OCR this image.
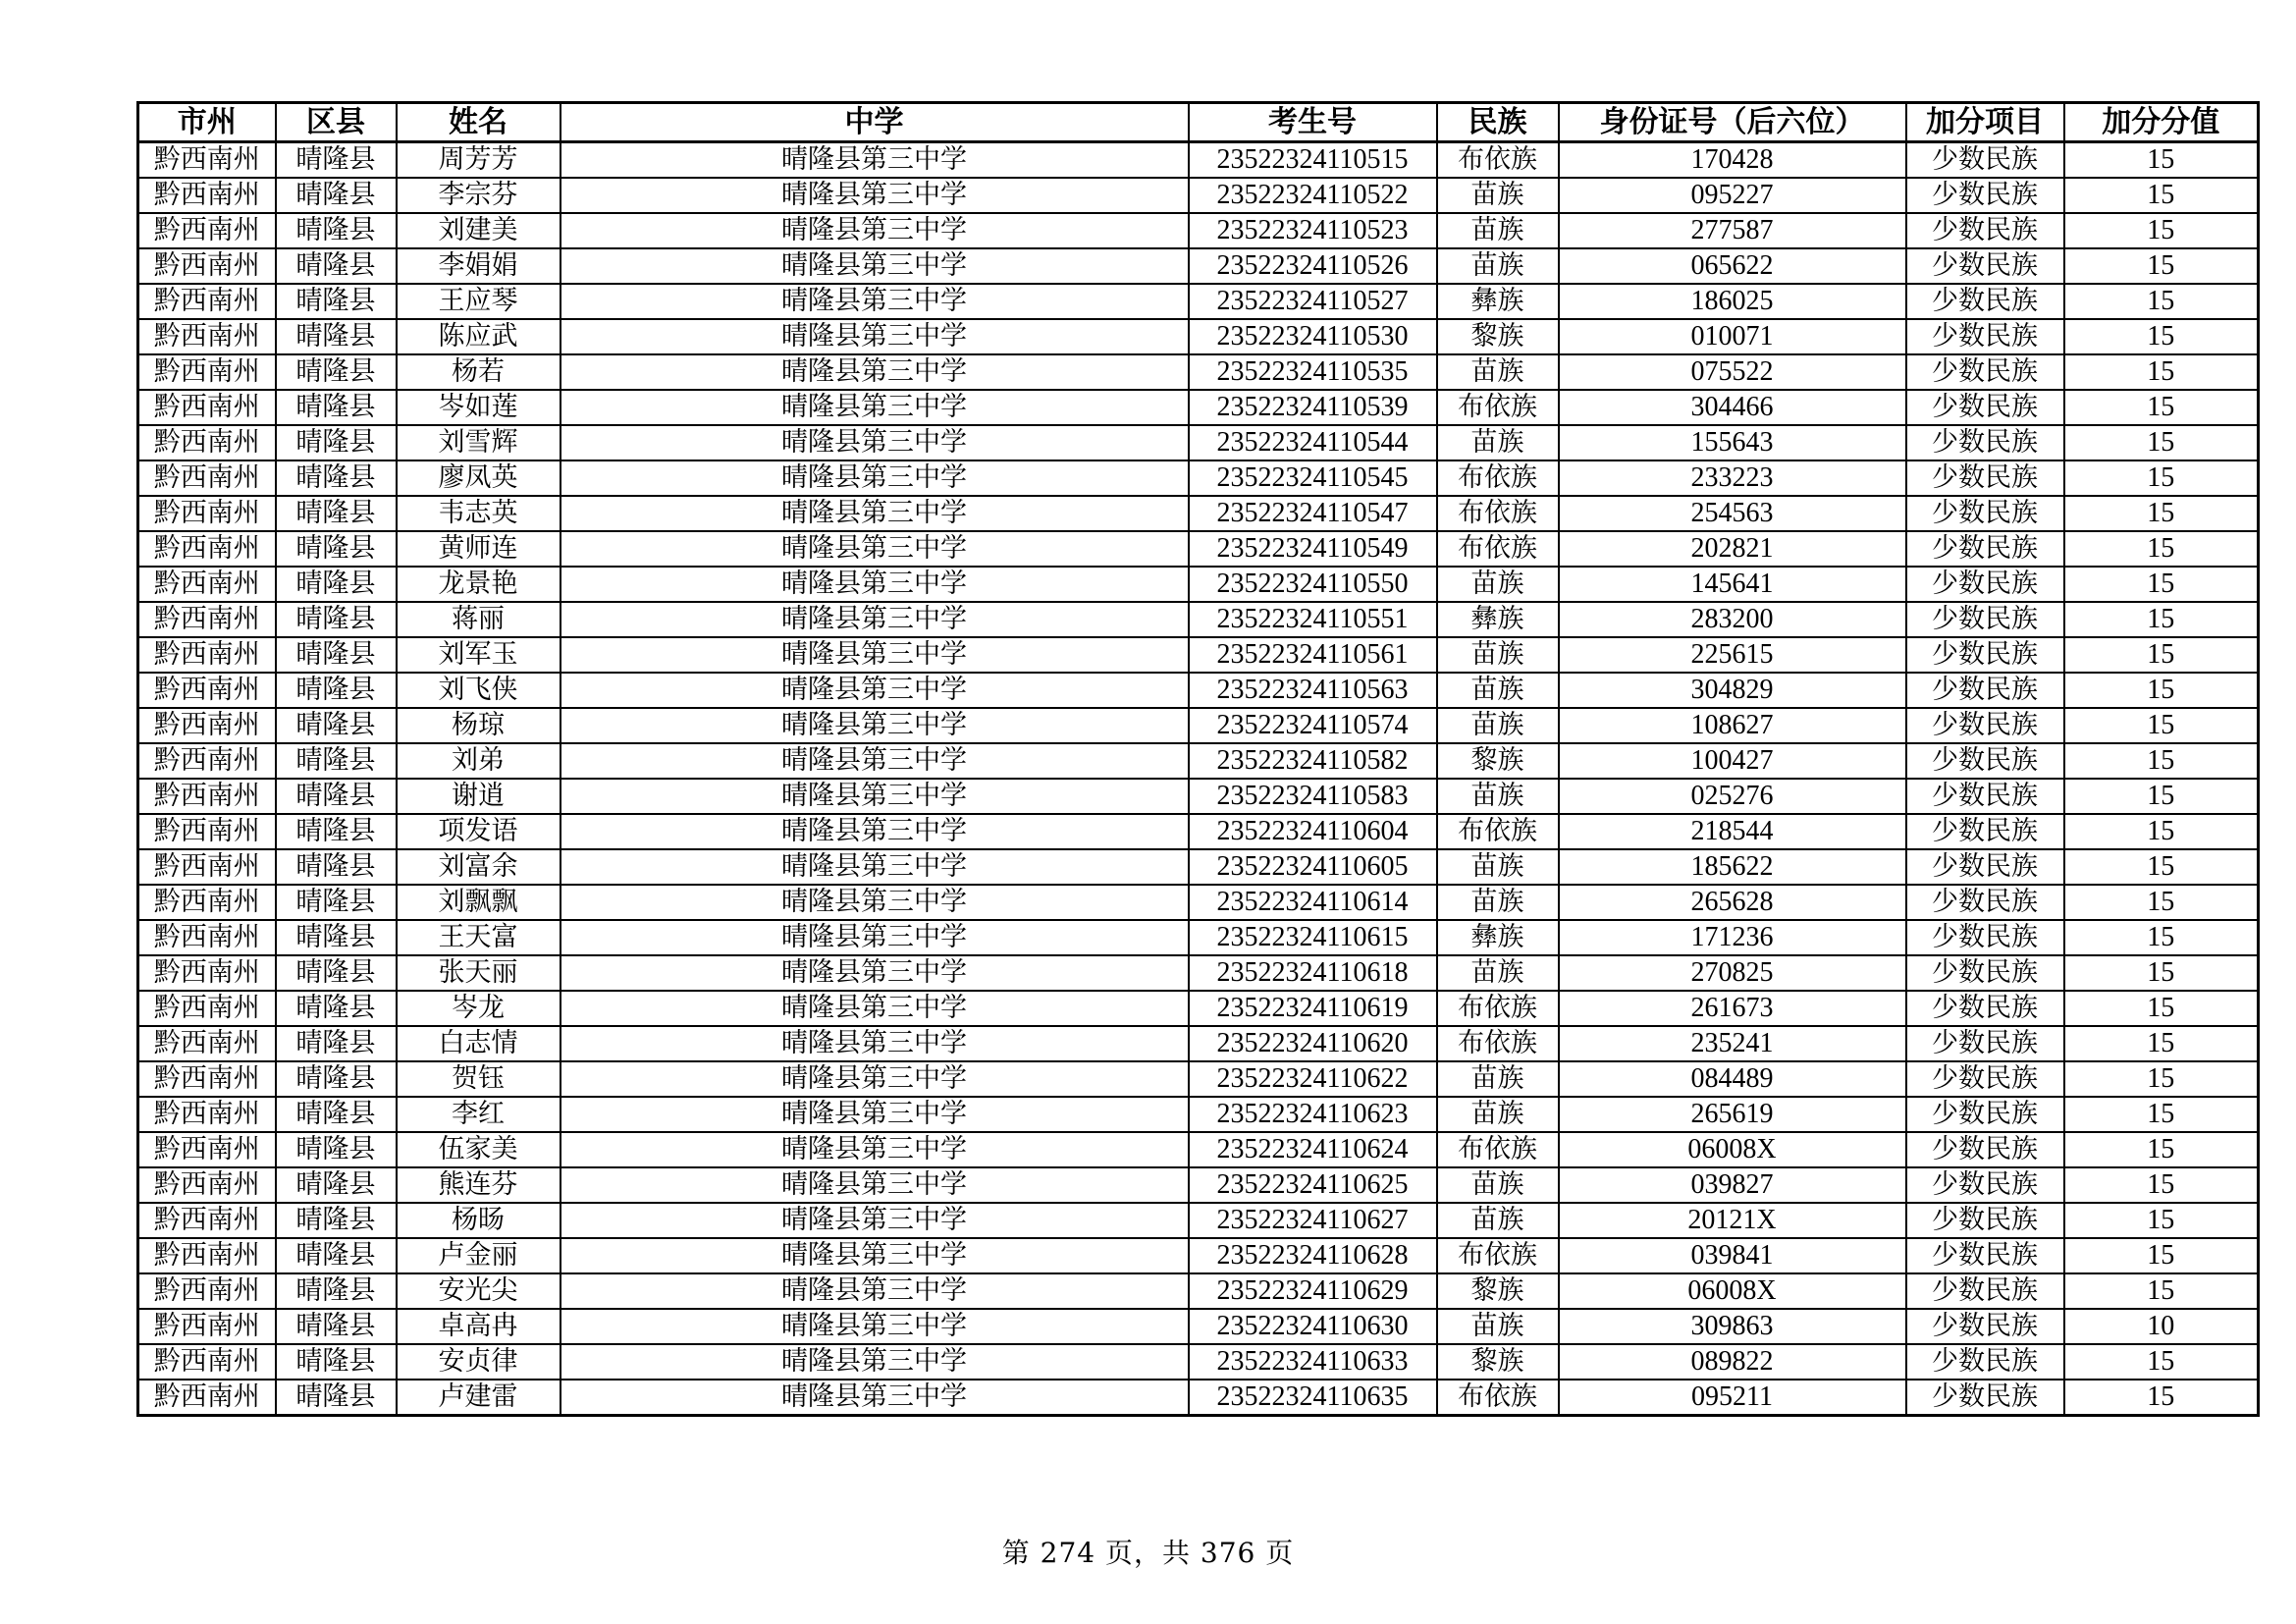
市州	区县	姓名	中学	考生号	民族	身份证号（后六位）	加分项目	加分分值
黔西南州	晴隆县	周芳芳	晴隆县第三中学	23522324110515	布依族	170428	少数民族	15
黔西南州	晴隆县	李宗芬	晴隆县第三中学	23522324110522	苗族	095227	少数民族	15
黔西南州	晴隆县	刘建美	晴隆县第三中学	23522324110523	苗族	277587	少数民族	15
黔西南州	晴隆县	李娟娟	晴隆县第三中学	23522324110526	苗族	065622	少数民族	15
黔西南州	晴隆县	王应琴	晴隆县第三中学	23522324110527	彝族	186025	少数民族	15
黔西南州	晴隆县	陈应武	晴隆县第三中学	23522324110530	黎族	010071	少数民族	15
黔西南州	晴隆县	杨若	晴隆县第三中学	23522324110535	苗族	075522	少数民族	15
黔西南州	晴隆县	岑如莲	晴隆县第三中学	23522324110539	布依族	304466	少数民族	15
黔西南州	晴隆县	刘雪辉	晴隆县第三中学	23522324110544	苗族	155643	少数民族	15
黔西南州	晴隆县	廖凤英	晴隆县第三中学	23522324110545	布依族	233223	少数民族	15
黔西南州	晴隆县	韦志英	晴隆县第三中学	23522324110547	布依族	254563	少数民族	15
黔西南州	晴隆县	黄师连	晴隆县第三中学	23522324110549	布依族	202821	少数民族	15
黔西南州	晴隆县	龙景艳	晴隆县第三中学	23522324110550	苗族	145641	少数民族	15
黔西南州	晴隆县	蒋丽	晴隆县第三中学	23522324110551	彝族	283200	少数民族	15
黔西南州	晴隆县	刘军玉	晴隆县第三中学	23522324110561	苗族	225615	少数民族	15
黔西南州	晴隆县	刘飞侠	晴隆县第三中学	23522324110563	苗族	304829	少数民族	15
黔西南州	晴隆县	杨琼	晴隆县第三中学	23522324110574	苗族	108627	少数民族	15
黔西南州	晴隆县	刘弟	晴隆县第三中学	23522324110582	黎族	100427	少数民族	15
黔西南州	晴隆县	谢逍	晴隆县第三中学	23522324110583	苗族	025276	少数民族	15
黔西南州	晴隆县	项发语	晴隆县第三中学	23522324110604	布依族	218544	少数民族	15
黔西南州	晴隆县	刘富余	晴隆县第三中学	23522324110605	苗族	185622	少数民族	15
黔西南州	晴隆县	刘飘飘	晴隆县第三中学	23522324110614	苗族	265628	少数民族	15
黔西南州	晴隆县	王天富	晴隆县第三中学	23522324110615	彝族	171236	少数民族	15
黔西南州	晴隆县	张天丽	晴隆县第三中学	23522324110618	苗族	270825	少数民族	15
黔西南州	晴隆县	岑龙	晴隆县第三中学	23522324110619	布依族	261673	少数民族	15
黔西南州	晴隆县	白志情	晴隆县第三中学	23522324110620	布依族	235241	少数民族	15
黔西南州	晴隆县	贺钰	晴隆县第三中学	23522324110622	苗族	084489	少数民族	15
黔西南州	晴隆县	李红	晴隆县第三中学	23522324110623	苗族	265619	少数民族	15
黔西南州	晴隆县	伍家美	晴隆县第三中学	23522324110624	布依族	06008X	少数民族	15
黔西南州	晴隆县	熊连芬	晴隆县第三中学	23522324110625	苗族	039827	少数民族	15
黔西南州	晴隆县	杨旸	晴隆县第三中学	23522324110627	苗族	20121X	少数民族	15
黔西南州	晴隆县	卢金丽	晴隆县第三中学	23522324110628	布依族	039841	少数民族	15
黔西南州	晴隆县	安光尖	晴隆县第三中学	23522324110629	黎族	06008X	少数民族	15
黔西南州	晴隆县	卓高冉	晴隆县第三中学	23522324110630	苗族	309863	少数民族	10
黔西南州	晴隆县	安贞律	晴隆县第三中学	23522324110633	黎族	089822	少数民族	15
黔西南州	晴隆县	卢建雷	晴隆县第三中学	23522324110635	布依族	095211	少数民族	15
第 274 页，共 376 页
